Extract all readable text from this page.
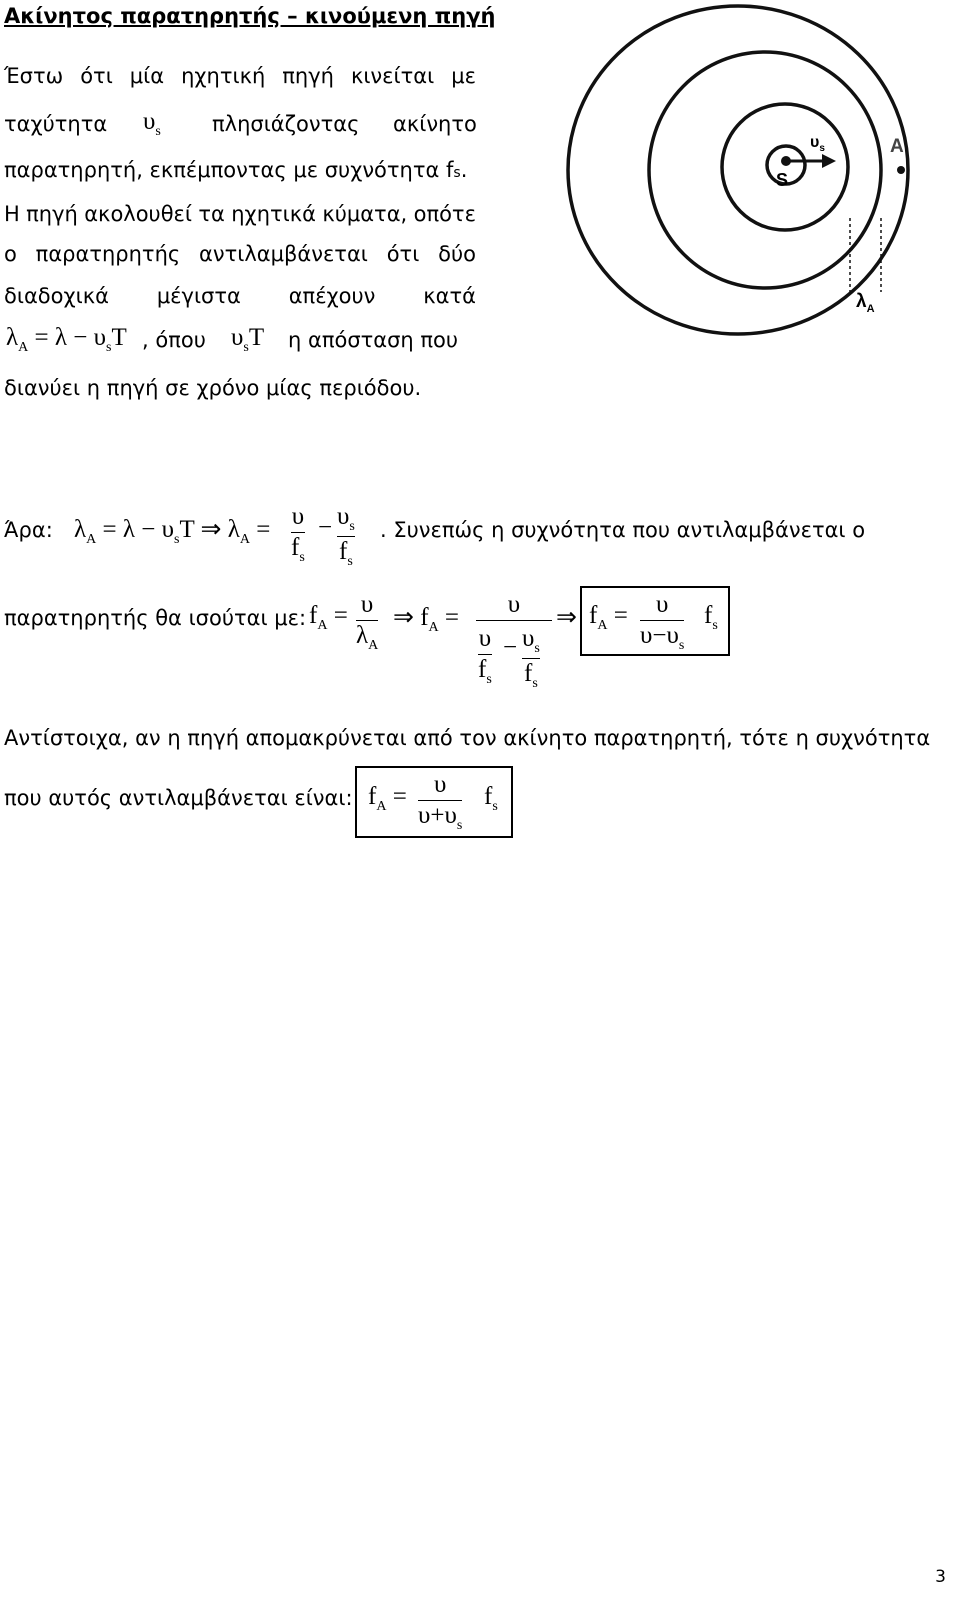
Ακίνητος παρατηρητής – κινούμενη πηγή
Έστω ότι μία ηχητική πηγή κινείται με
ταχύτητα $\upsilon_s$ πλησιάζοντας ακίνητο
παρατηρητή, εκπέμποντας με συχνότητα fs.
Η πηγή ακολουθεί τα ηχητικά κύματα, οπότε
ο παρατηρητής αντιλαμβάνεται ότι δύο
διαδοχικά μέγιστα απέχουν κατά
$\lambda_A = \lambda - \upsilon_sT$ , όπου $\upsilon_sT$ η απόσταση που
διανύει η πηγή σε χρόνο μίας περιόδου.
S
$\upsilon_s$	A
$\lambda_A$
Άρα: $\lambda_A = \lambda - \upsilon_sT$ ⇒ $\lambda_A = \upsilon$
$f_s$
− $\upsilon_s$
$f_s$
. Συνεπώς η συχνότητα που αντιλαμβάνεται ο
παρατηρητής θα ισούται με: $f_A = \upsilon$
$\lambda_A$
⇒ $f_A$ =	υ
υ
$f_s$
− $\upsilon_s$
$f_s$
⇒ $f_A = \upsilon$
$\upsilon-\upsilon_s$
$f_s$
Αντίστοιχα, αν η πηγή απομακρύνεται από τον ακίνητο παρατηρητή, τότε η συχνότητα
που αυτός αντιλαμβάνεται είναι: $f_A = \upsilon$
$\upsilon+\upsilon_s$
$f_s$
3
